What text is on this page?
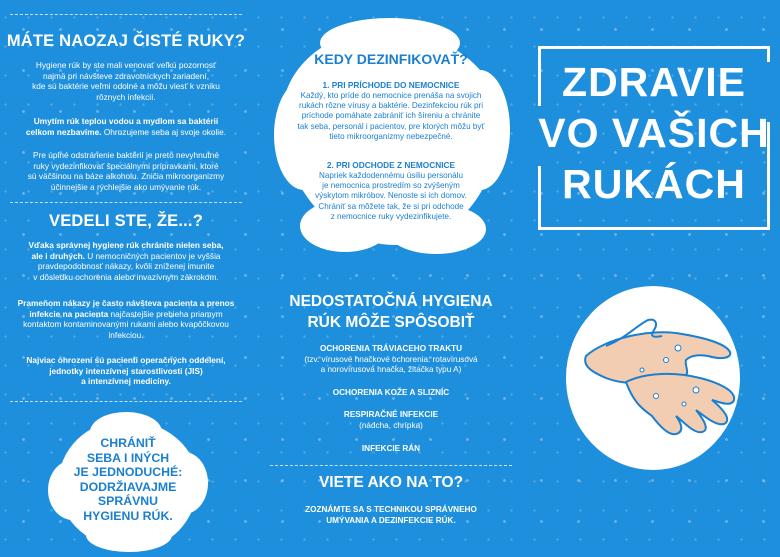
MÁTE NAOZAJ ČISTÉ RUKY?
Hygiene rúk by ste mali venovať veľkú pozornosť
najmä pri návšteve zdravotníckych zariadení,
kde sú baktérie veľmi odolné a môžu viesť k vzniku
rôznych infekcií.
Umytím rúk teplou vodou a mydlom sa baktérií
celkom nezbavíme. Ohrozujeme seba aj svoje okolie.
Pre úplné odstránenie baktérií je preto nevyhnutné
ruky vydezinfikovať špeciálnymi prípravkami, ktoré
sú väčšinou na báze alkoholu. Zničia mikroorganizmy
účinnejšie a rýchlejšie ako umývanie rúk.
VEDELI STE, ŽE...?
Vďaka správnej hygiene rúk chránite nielen seba,
ale i druhých. U nemocničných pacientov je vyššia
pravdepodobnosť nákazy, kvôli zníženej imunite
v dôsledku ochorenia alebo invazívnym zákrokom.
Prameňom nákazy je často návšteva pacienta a prenos
infekcie na pacienta najčastejšie prebieha priamym
kontaktom kontaminovanými rukami alebo kvapôčkovou
infekciou.
Najviac ohrození sú pacienti operačných oddelení,
jednotky intenzívnej starostlivosti (JIS)
a intenzívnej medicíny.
CHRÁNIŤ
SEBA I INÝCH
JE JEDNODUCHÉ:
DODRŽIAVAJME
SPRÁVNU
HYGIENU RÚK.
KEDY DEZINFIKOVAŤ?
1. PRI PRÍCHODE DO NEMOCNICE
Každý, kto príde do nemocnice prenáša na svojich
rukách rôzne vírusy a baktérie. Dezinfekciou rúk pri
príchode pomáhate zabrániť ich šíreniu a chránite
tak seba, personál i pacientov, pre ktorých môžu byť
tieto mikroorganizmy nebezpečné.
2. PRI ODCHODE Z NEMOCNICE
Napriek každodennému úsiliu personálu
je nemocnica prostredím so zvýšeným
výskytom mikróbov. Nenoste si ich domov.
Chrániť sa môžete tak, že si pri odchode
z nemocnice ruky vydezinfikujete.
NEDOSTATOČNÁ HYGIENA
RÚK MÔŽE SPÔSOBIŤ
OCHORENIA TRÁVIACEHO TRAKTU
(tzv. vírusové hnačkové ochorenia: rotavírusová
a norovírusová hnačka, žltačka typu A)
OCHORENIA KOŽE A SLIZNÍC
RESPIRAČNÉ INFEKCIE
(nádcha, chrípka)
INFEKCIE RÁN
VIETE AKO NA TO?
ZOZNÁMTE SA S TECHNIKOU SPRÁVNEHO
UMÝVANIA A DEZINFEKCIE RÚK.
ZDRAVIE
VO VAŠICH
RUKÁCH
